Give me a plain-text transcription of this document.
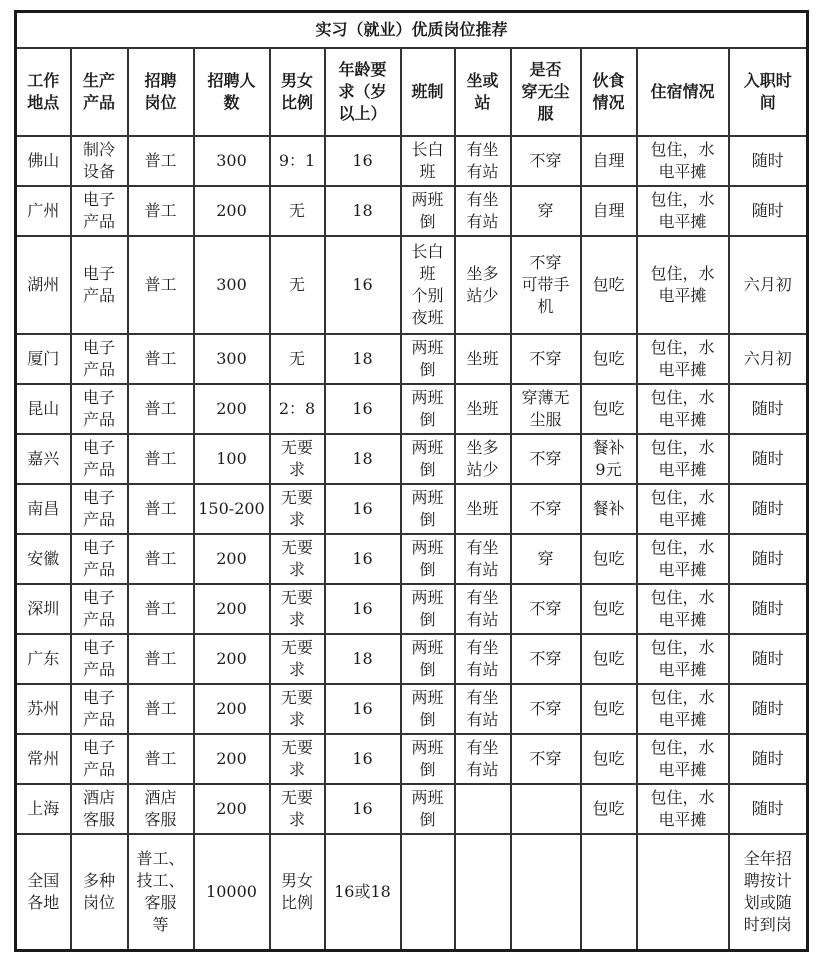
实习（就业）优质岗位推荐											

工作
地点	生产
产品	招聘
岗位	招聘人
数	男女
比例	年龄要
求（岁
以上）	班制	坐或
站	是否
穿无尘
服	伙食
情况	住宿情况	入职时
间

佛山	制冷
设备	普工	300	9：1	16	长白
班	有坐
有站	不穿	自理	包住，水
电平摊	随时

广州	电子
产品	普工	200	无	18	两班
倒	有坐
有站	穿	自理	包住，水
电平摊	随时

湖州	电子
产品	普工	300	无	16	长白
班
个别
夜班	坐多
站少	不穿
可带手
机	包吃	包住，水
电平摊	六月初

厦门	电子
产品	普工	300	无	18	两班
倒	坐班	不穿	包吃	包住，水
电平摊	六月初

昆山	电子
产品	普工	200	2：8	16	两班
倒	坐班	穿薄无
尘服	包吃	包住，水
电平摊	随时

嘉兴	电子
产品	普工	100	无要
求	18	两班
倒	坐多
站少	不穿	餐补
9元	包住，水
电平摊	随时

南昌	电子
产品	普工	150-200	无要
求	16	两班
倒	坐班	不穿	餐补	包住，水
电平摊	随时

安徽	电子
产品	普工	200	无要
求	16	两班
倒	有坐
有站	穿	包吃	包住，水
电平摊	随时

深圳	电子
产品	普工	200	无要
求	16	两班
倒	有坐
有站	不穿	包吃	包住，水
电平摊	随时

广东	电子
产品	普工	200	无要
求	18	两班
倒	有坐
有站	不穿	包吃	包住，水
电平摊	随时

苏州	电子
产品	普工	200	无要
求	16	两班
倒	有坐
有站	不穿	包吃	包住，水
电平摊	随时

常州	电子
产品	普工	200	无要
求	16	两班
倒	有坐
有站	不穿	包吃	包住，水
电平摊	随时

上海	酒店
客服	酒店
客服	200	无要
求	16	两班
倒			包吃	包住，水
电平摊	随时

全国
各地	多种
岗位	普工、
技工、
客服
等	10000	男女
比例	16或18						全年招
聘按计
划或随
时到岗
